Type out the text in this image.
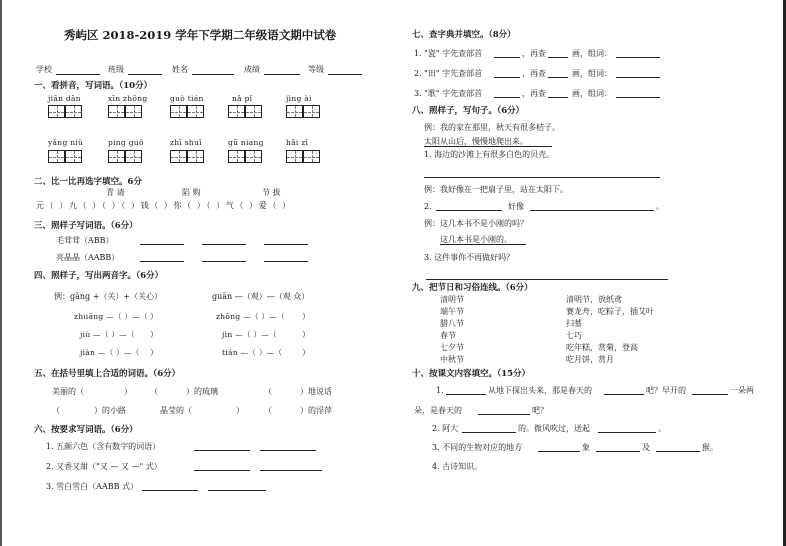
秀屿区 2018-2019 学年下学期二年级语文期中试卷
学校	班级	姓名	成绩	等级
一、看拼音，写词语。（10分）
jiān dān	xīn zhōng	guò tián	nǎ pǐ	jìng ài
yǎng niǔ	píng guǒ	zhī shuǐ	gū niang	hǎi zǐ
二、比一比再选字填空。6分
青 请	陷 购	节 拔
元（ ）九（ ）（ ）（ ）钱（ ）你（ ）（ ）气（ ）爱（ ）
三、照样子写词语。（6分）
毛茸茸（ABB）
亮晶晶（AABB）
四、照样子，写出两音字。（6分）
例：gāng +（关）+（关心）	guān —（观）—（观 众）
zhuāng —（ ）—（ ）	zhōng —（ ）—（ ）
jiù —（ ）—（ ）	jìn —（ ）—（	）
jiàn —（ ）—（ ）	tián —（ ）—（ ）
五、在括号里填上合适的词语。（6分）
美丽的（	） （	）的琉璃	（	）地说话
（	）的小路	晶莹的（	）	（	）的浮萍
六、按要求写词语。（6分）
1. 五颜六色（含有数字的词语）
2. 又香又甜（"又 — 又 —" 式）
3. 雪白雪白（AABB 式）
七、查字典并填空。（8分）
1. "瓷" 字先查部首	，再查	画，组词：
2. "田" 字先查部首	，再查	画，组词：
3. "歌" 字先查部首	，再查	画，组词：
八、照样子，写句子。（6分）
例：我的家在那里，秋天有很多桔子。
太阳从山后，慢慢地爬出来。
1. 海边的沙滩上有很多白色的贝壳。
例：我好像在一把扇子里，站在太阳下。
2.	好像	。
例：这几本书不是小刚的吗？
这几本书是小刚的。
3. 这件事你不再做好吗？
九、把节日和习俗连线。（6分）
清明节
端午节
腊八节
春节
七夕节
中秋节
清明节，放纸鸢
赛龙舟，吃粽子，插艾叶
扫墓
七巧
吃年糕，赏菊，登高
吃月饼，赏月
十、按课文内容填空。（15分）
1.	从地下探出头来，那是春天的	吧？早开的	一朵两
朵，是春天的	吧？
2. 阿大	的。微风吹过，送起	。
3. 不同的生物对应的地方	象	及	猴。
4. 古诗知识。
